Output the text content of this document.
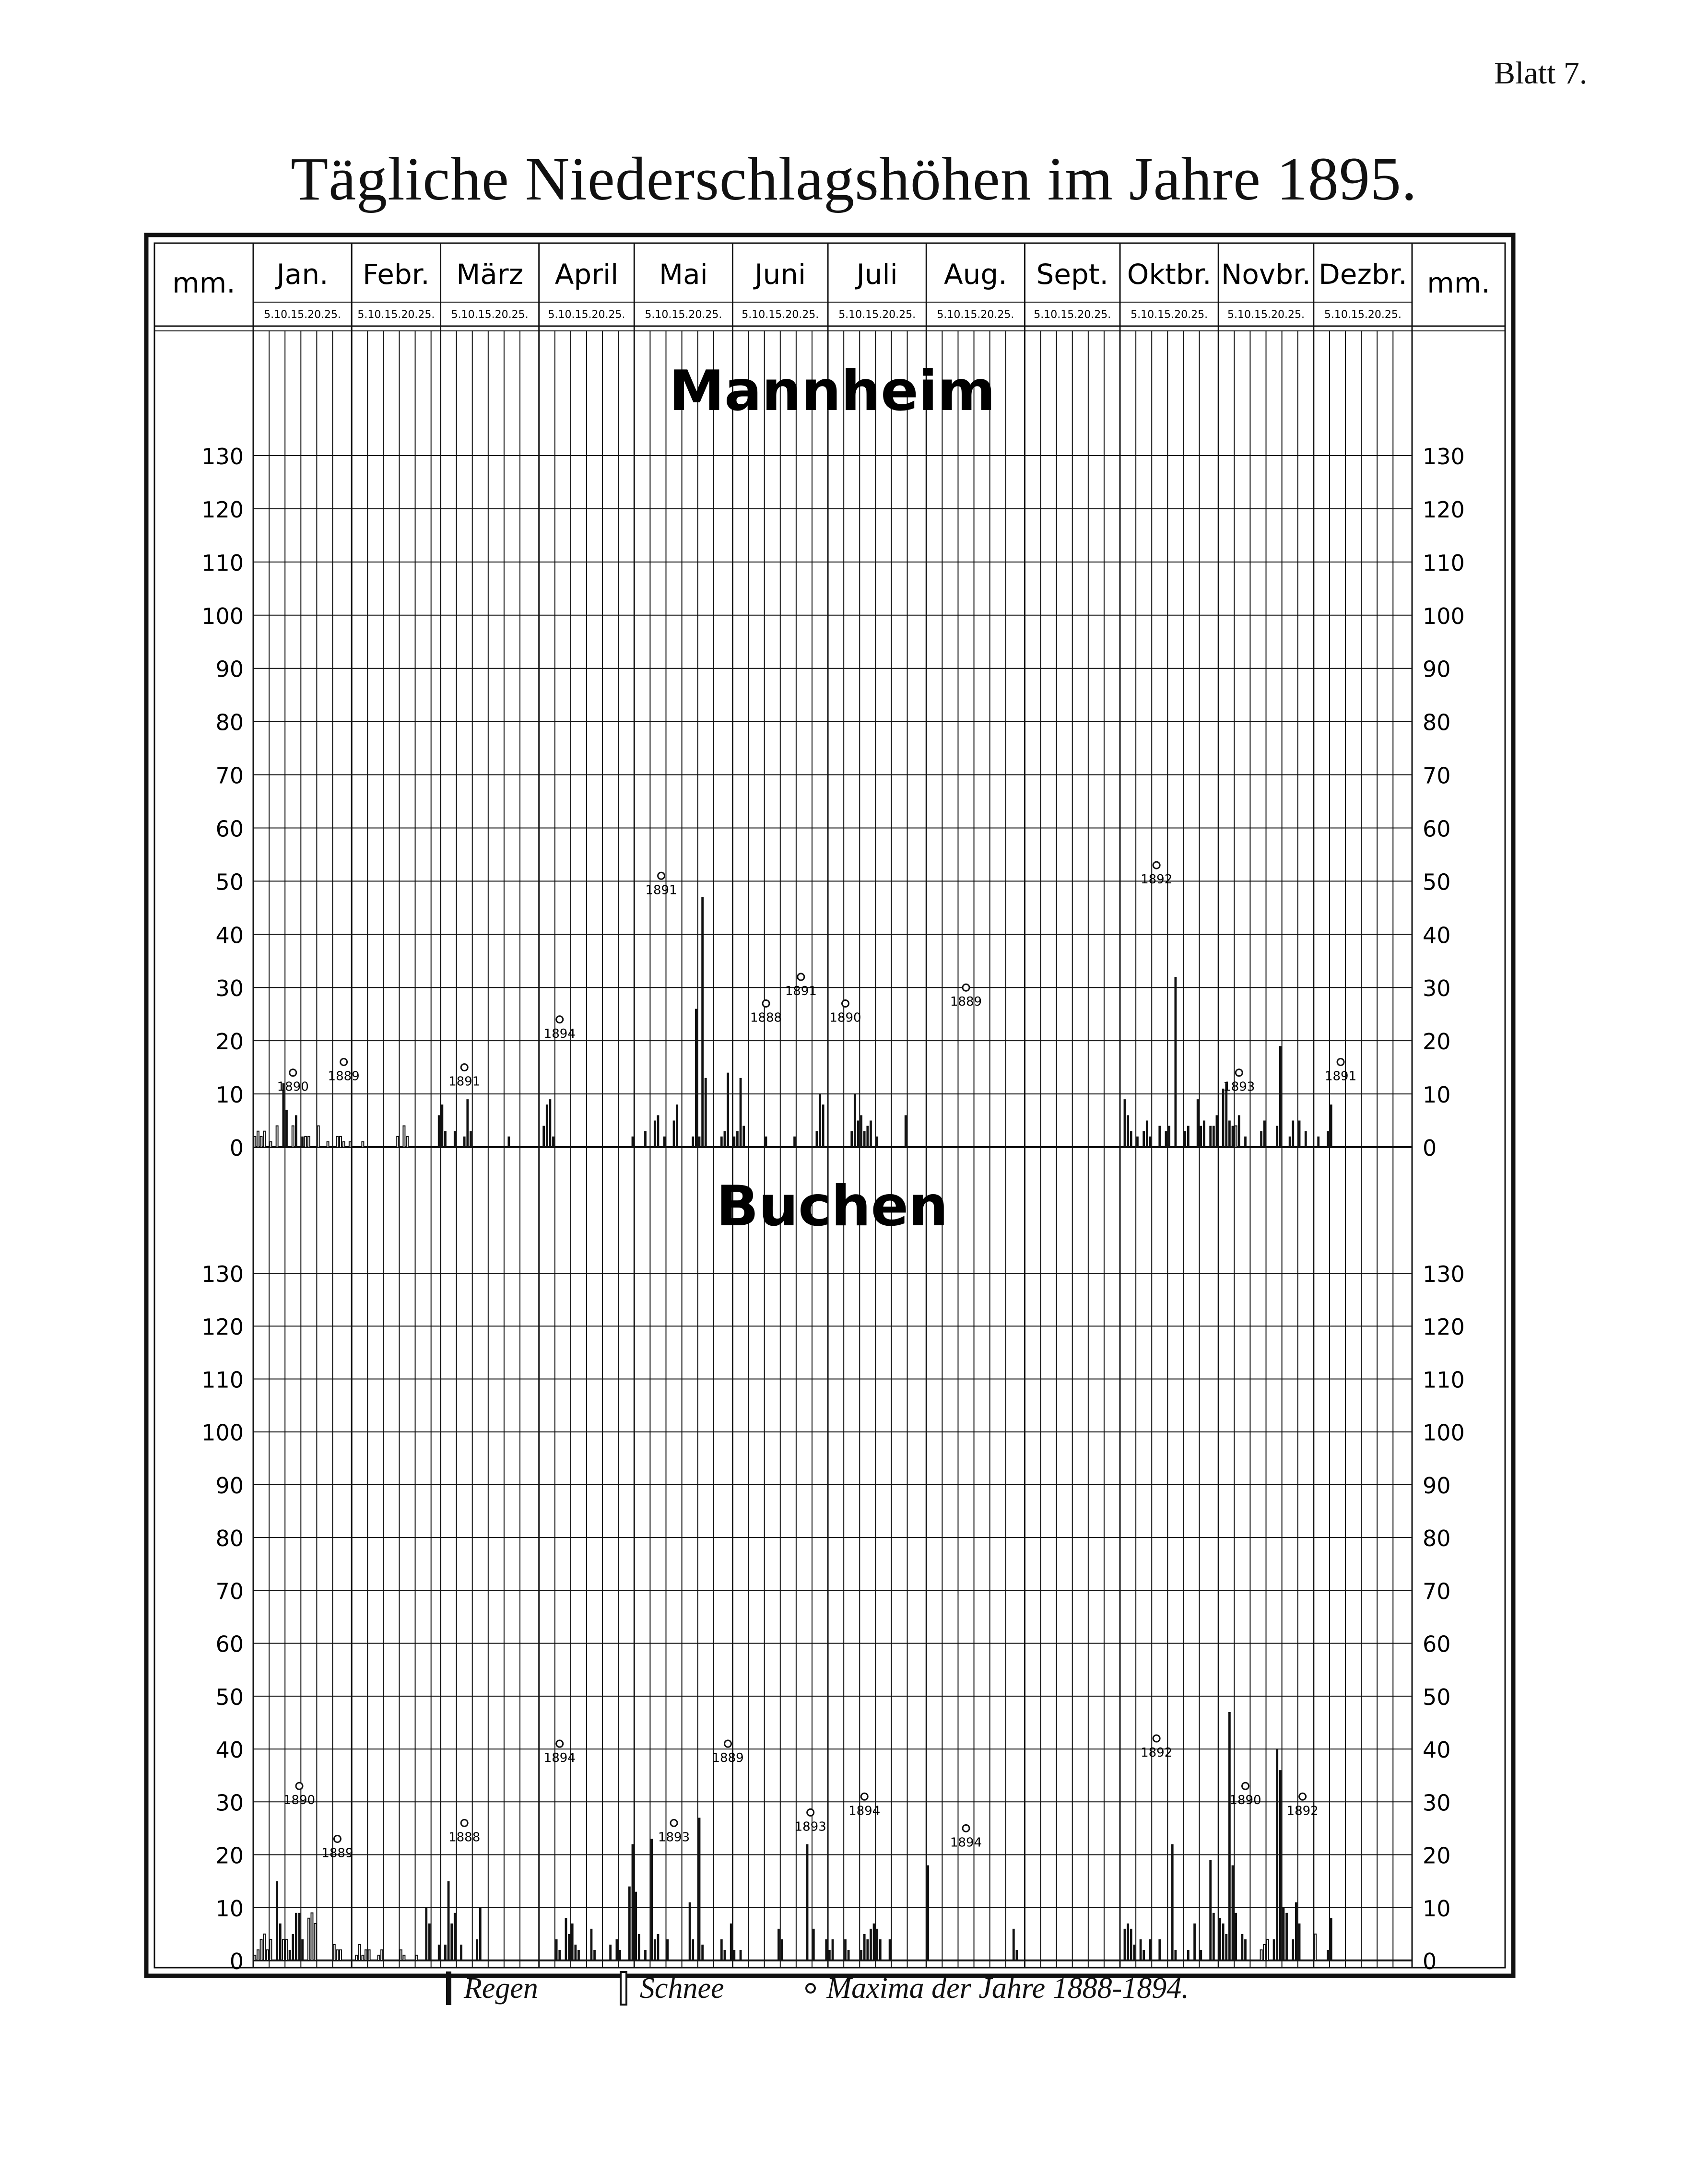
Blatt 7.
Tägliche Niederschlagshöhen im Jahre 1895.
mm.	mm.
Jan.
5.10.15.20.25.
Febr.
5.10.15.20.25.
März
5.10.15.20.25.
April
5.10.15.20.25.
Mai
5.10.15.20.25.
Juni
5.10.15.20.25.
Juli
5.10.15.20.25.
Aug.
5.10.15.20.25.
Sept.
5.10.15.20.25.
Oktbr.
5.10.15.20.25.
Novbr.
5.10.15.20.25.
Dezbr.
5.10.15.20.25.
Mannheim
0	0
10	10
20	20
30	30
40	40
50	50
60	60
70	70
80	80
90	90
100	100
110	110
120	120
130	130
1890
1889	1891
1894
1891
1888
1891
1890
1889
1892
1893
1891
Buchen
0	0
10	10
20	20
30	30
40	40
50	50
60	60
70	70
80	80
90	90
100	100
110	110
120	120
130	130
1890
1889
1888
1894
1893
1889
1893
1894
1894
1892
1890
1892
Regen	Schnee	Maxima der Jahre 1888-1894.
